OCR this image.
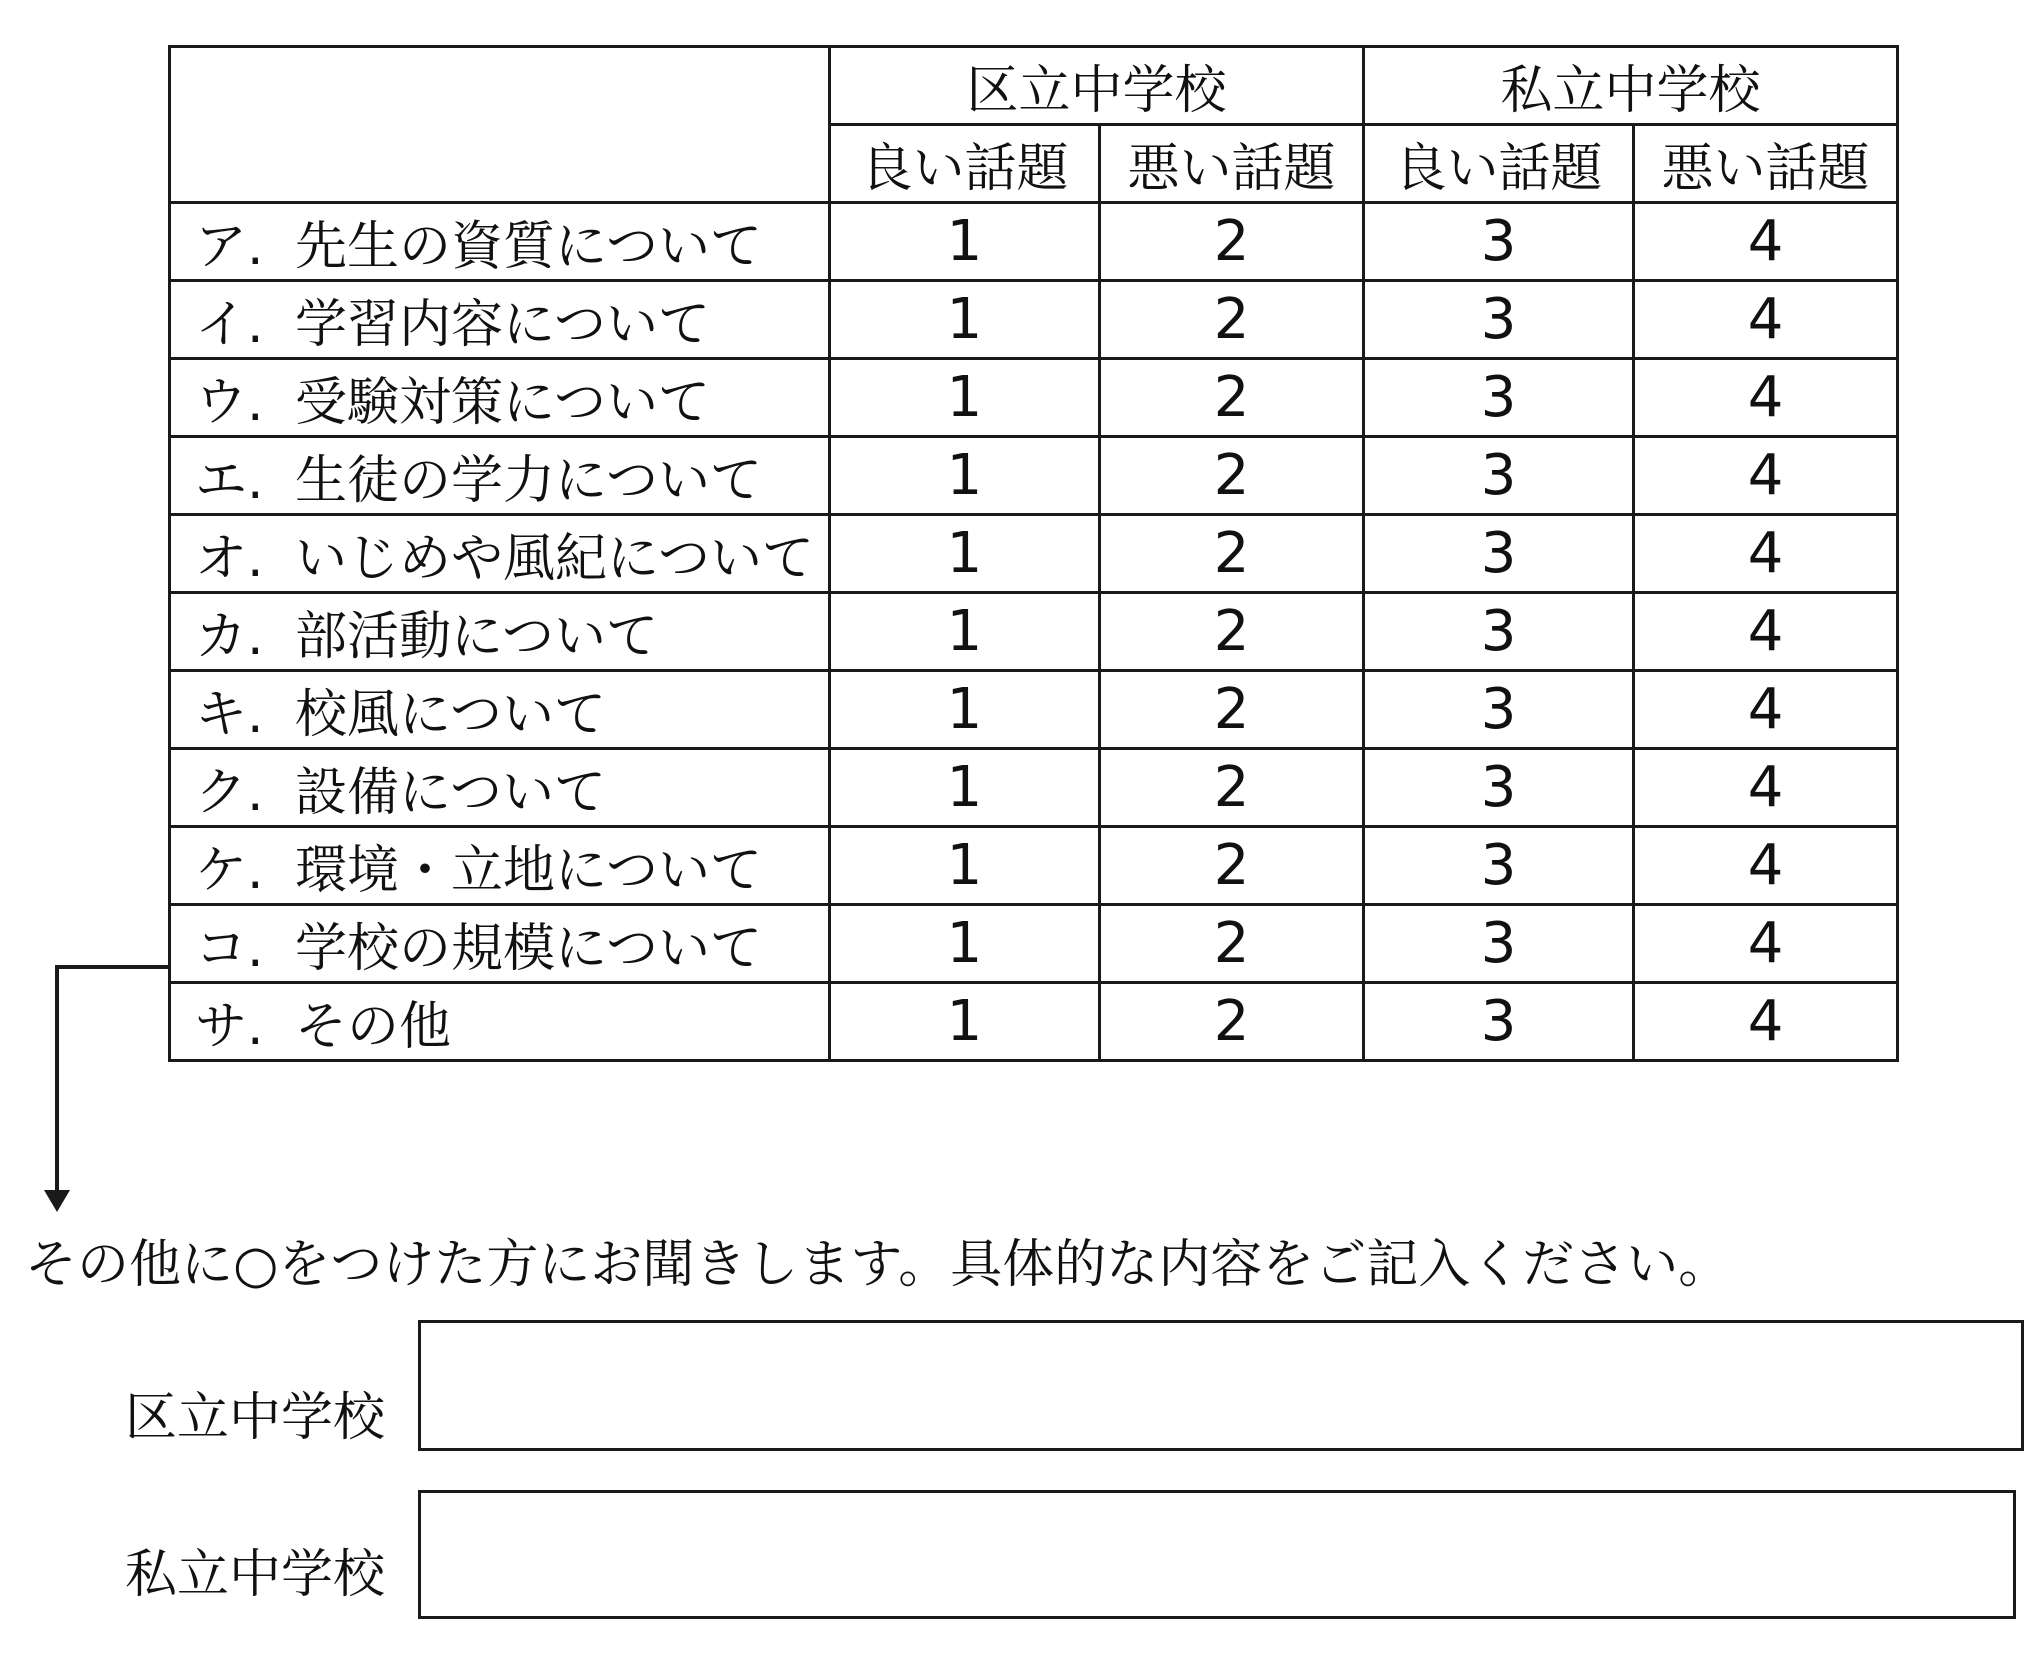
	区立中学校		私立中学校	
	良い話題	悪い話題	良い話題	悪い話題
ア. 先生の資質について	1	2	3	4
イ. 学習内容について	1	2	3	4
ウ. 受験対策について	1	2	3	4
エ. 生徒の学力について	1	2	3	4
オ. いじめや風紀について	1	2	3	4
カ. 部活動について	1	2	3	4
キ. 校風について	1	2	3	4
ク. 設備について	1	2	3	4
ケ. 環境・立地について	1	2	3	4
コ. 学校の規模について	1	2	3	4
サ. その他	1	2	3	4
その他に○をつけた方にお聞きします。具体的な内容をご記入ください。
区立中学校
私立中学校
